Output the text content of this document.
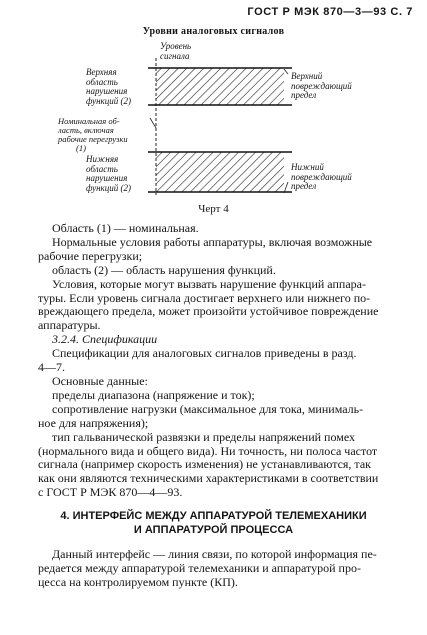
ГОСТ Р МЭК 870—3—93 С. 7
Уровни аналоговых сигналов
Уровень
сигнала
Верхняя
область
нарушения
функций (2)
Номинальная об-
ласть, включая
рабочие перегрузки
(1)
Нижняя
область
нарушения
функций (2)
Верхний
повреждающий
предел
Нижний
повреждающий
предел
Черт 4
Область (1) — номинальная.
Нормальные условия работы аппаратуры, включая возможные
рабочие перегрузки;
область (2) — область нарушения функций.
Условия, которые могут вызвать нарушение функций аппара-
туры. Если уровень сигнала достигает верхнего или нижнего по-
вреждающего предела, может произойти устойчивое повреждение
аппаратуры.
3.2.4. Спецификации
Спецификации для аналоговых сигналов приведены в разд.
4—7.
Основные данные:
пределы диапазона (напряжение и ток);
сопротивление нагрузки (максимальное для тока, минималь-
ное для напряжения);
тип гальванической развязки и пределы напряжений помех
(нормального вида и общего вида). Ни точность, ни полоса частот
сигнала (например скорость изменения) не устанавливаются, так
как они являются техническими характеристиками в соответствии
с ГОСТ Р МЭК 870—4—93.
4. ИНТЕРФЕЙС МЕЖДУ АППАРАТУРОЙ ТЕЛЕМЕХАНИКИ
И АППАРАТУРОЙ ПРОЦЕССА
Данный интерфейс — линия связи, по которой информация пе-
редается между аппаратурой телемеханики и аппаратурой про-
цесса на контролируемом пункте (КП).
